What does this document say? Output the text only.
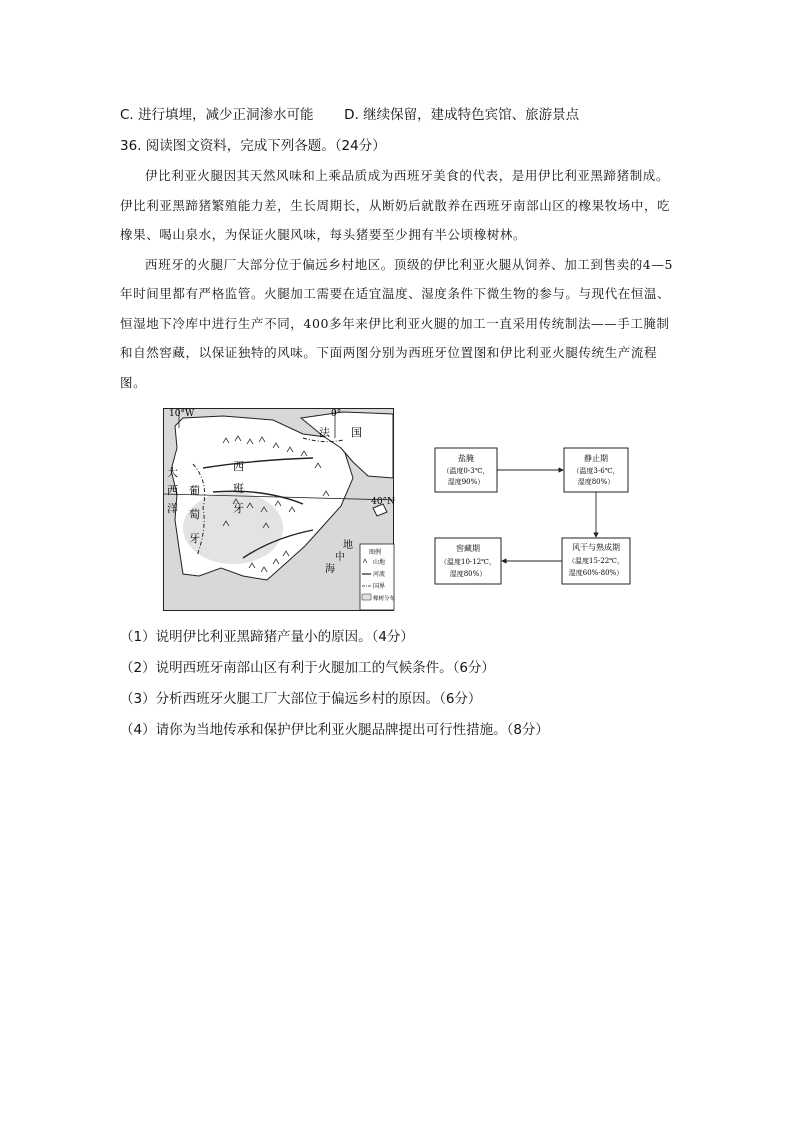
C. 进行填埋，减少正洞渗水可能 D. 继续保留，建成特色宾馆、旅游景点
36. 阅读图文资料，完成下列各题。（24分）

伊比利亚火腿因其天然风味和上乘品质成为西班牙美食的代表，是用伊比利亚黑蹄猪制成。伊比利亚黑蹄猪繁殖能力差，生长周期长，从断奶后就散养在西班牙南部山区的橡果牧场中，吃橡果、喝山泉水，为保证火腿风味，每头猪要至少拥有半公顷橡树林。

西班牙的火腿厂大部分位于偏远乡村地区。顶级的伊比利亚火腿从饲养、加工到售卖的4—5年时间里都有严格监管。火腿加工需要在适宜温度、湿度条件下微生物的参与。与现代在恒温、恒湿地下冷库中进行生产不同，400多年来伊比利亚火腿的加工一直采用传统制法——手工腌制和自然窖藏，以保证独特的风味。下面两图分别为西班牙位置图和伊比利亚火腿传统生产流程图。

10°W	0°
40°N
法 国
西
班
牙
葡
萄
牙
大
西
洋
地
中
海
图例
山地
河流
国界
橡树分布
盐腌
（温度0-3℃，
湿度90%）
静止期
（温度3-6℃，
湿度80%）
风干与熟成期
（温度15-22℃，
湿度60%-80%）
窖藏期
（温度10-12℃，
湿度80%）
（1）说明伊比利亚黑蹄猪产量小的原因。（4分）
（2）说明西班牙南部山区有利于火腿加工的气候条件。（6分）
（3）分析西班牙火腿工厂大部位于偏远乡村的原因。（6分）
（4）请你为当地传承和保护伊比利亚火腿品牌提出可行性措施。（8分）
